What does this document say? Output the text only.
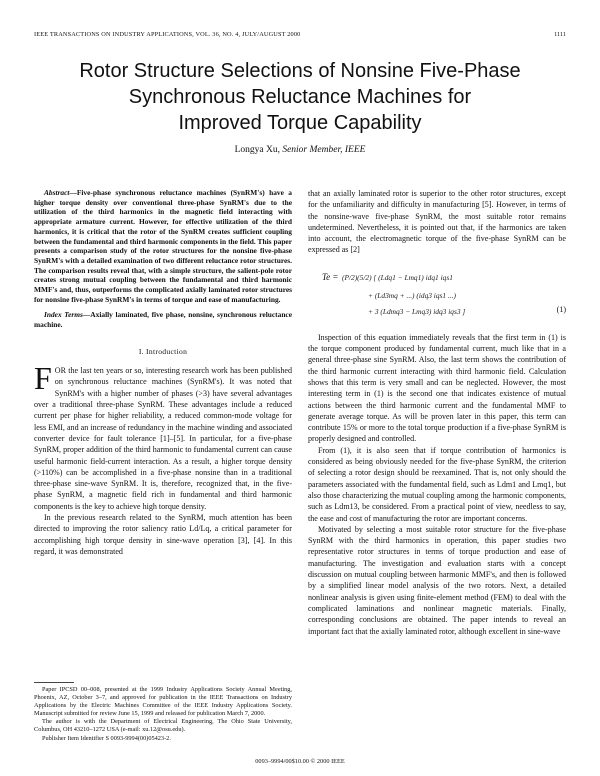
IEEE TRANSACTIONS ON INDUSTRY APPLICATIONS, VOL. 36, NO. 4, JULY/AUGUST 2000	1111
Rotor Structure Selections of Nonsine Five-Phase
Synchronous Reluctance Machines for
Improved Torque Capability
Longya Xu, Senior Member, IEEE

Abstract—Five-phase synchronous reluctance machines (SynRM's) have a higher torque density over conventional three-phase SynRM's due to the utilization of the third harmonics in the magnetic field interacting with appropriate armature current. However, for effective utilization of the third harmonics, it is critical that the rotor of the SynRM creates sufficient coupling between the fundamental and third harmonic components in the field. This paper presents a comparison study of the rotor structures for the nonsine five-phase SynRM's with a detailed examination of two different reluctance rotor structures. The comparison results reveal that, with a simple structure, the salient-pole rotor creates strong mutual coupling between the fundamental and third harmonic MMF's and, thus, outperforms the complicated axially laminated rotor structures for nonsine five-phase SynRM's in terms of torque and ease of manufacturing.

Index Terms—Axially laminated, five phase, nonsine, synchronous reluctance machine.

I. Introduction

FOR the last ten years or so, interesting research work has been published on synchronous reluctance machines (SynRM's). It was noted that SynRM's with a higher number of phases (>3) have several advantages over a traditional three-phase SynRM. These advantages include a reduced current per phase for higher reliability, a reduced common-mode voltage for less EMI, and an increase of redundancy in the machine winding and associated converter device for fault tolerance [1]–[5]. In particular, for a five-phase SynRM, proper addition of the third harmonic to fundamental current can cause useful harmonic field-current interaction. As a result, a higher torque density (>110%) can be accomplished in a five-phase nonsine than in a traditional three-phase sine-wave SynRM. It is, therefore, recognized that, in the five-phase SynRM, a magnetic field rich in fundamental and third harmonic components is the key to achieve high torque density.

In the previous research related to the SynRM, much attention has been directed to improving the rotor saliency ratio Ld/Lq, a critical parameter for accomplishing high torque density in sine-wave operation [3], [4]. In this regard, it was demonstrated

that an axially laminated rotor is superior to the other rotor structures, except for the unfamiliarity and difficulty in manufacturing [5]. However, in terms of the nonsine-wave five-phase SynRM, the most suitable rotor remains undetermined. Nevertheless, it is pointed out that, if the harmonics are taken into account, the electromagnetic torque of the five-phase SynRM can be expressed as [2]

Te = (P/2)(5/2) [ (Ldq1 − Lmq1) idq1 iqs1
+ (Ld3mq + ...) (idq3 iqs1 ...)
+ 3 (Ldmq3 − Lmq3) idq3 iqs3 ]	(1)

Inspection of this equation immediately reveals that the first term in (1) is the torque component produced by fundamental current, much like that in a general three-phase sine SynRM. Also, the last term shows the contribution of the third harmonic current interacting with third harmonic field. Calculation shows that this term is very small and can be neglected. However, the most interesting term in (1) is the second one that indicates existence of mutual actions between the third harmonic current and the fundamental MMF to generate average torque. As will be proven later in this paper, this term can contribute 15% or more to the total torque production if a five-phase SynRM is properly designed and controlled.

From (1), it is also seen that if torque contribution of harmonics is considered as being obviously needed for the five-phase SynRM, the criterion of selecting a rotor design should be reexamined. That is, not only should the parameters associated with the fundamental field, such as Ldm1 and Lmq1, but also those characterizing the mutual coupling among the harmonic components, such as Ldm13, be considered. From a practical point of view, needless to say, the ease and cost of manufacturing the rotor are important concerns.

Motivated by selecting a most suitable rotor structure for the five-phase SynRM with the third harmonics in operation, this paper studies two representative rotor structures in terms of torque production and ease of manufacturing. The investigation and evaluation starts with a concept discussion on mutual coupling between harmonic MMF's, and then is followed by a simplified linear model analysis of the two rotors. Next, a detailed nonlinear analysis is given using finite-element method (FEM) to deal with the complicated laminations and nonlinear magnetic materials. Finally, corresponding conclusions are obtained. The paper intends to reveal an important fact that the axially laminated rotor, although excellent in sine-wave

Paper IPCSD 00–008, presented at the 1999 Industry Applications Society Annual Meeting, Phoenix, AZ, October 3–7, and approved for publication in the IEEE Transactions on Industry Applications by the Electric Machines Committee of the IEEE Industry Applications Society. Manuscript submitted for review June 15, 1999 and released for publication March 7, 2000.

The author is with the Department of Electrical Engineering, The Ohio State University, Columbus, OH 43210–1272 USA (e-mail: xu.12@osu.edu).

Publisher Item Identifier S 0093-9994(00)05423-2.

0093–9994/00$10.00 © 2000 IEEE
